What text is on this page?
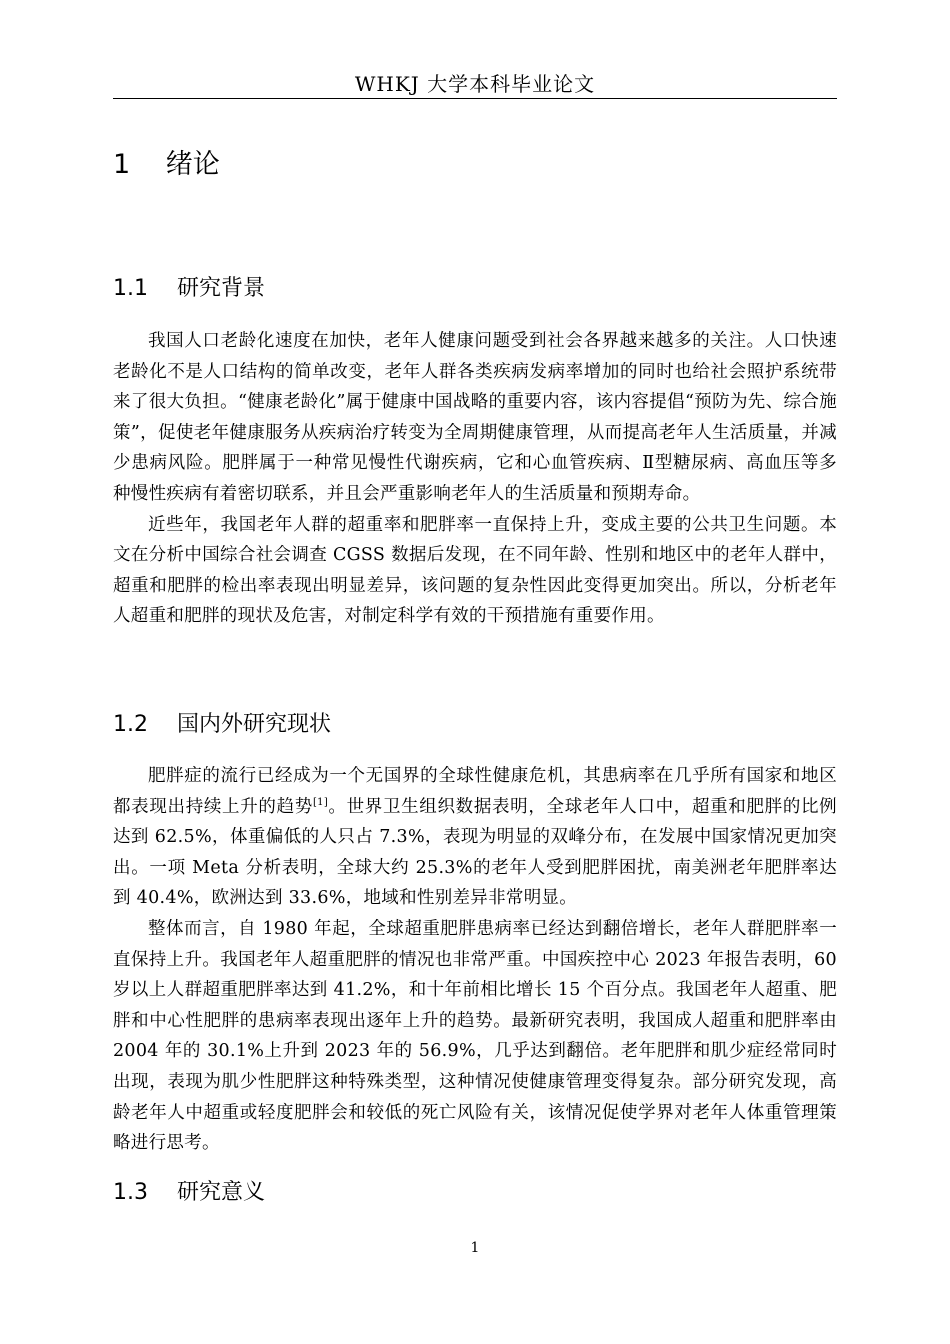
WHKJ 大学本科毕业论文
1　 绪论
1.1　 研究背景

我国人口老龄化速度在加快，老年人健康问题受到社会各界越来越多的关注。人口快速老龄化不是人口结构的简单改变，老年人群各类疾病发病率增加的同时也给社会照护系统带来了很大负担。“健康老龄化”属于健康中国战略的重要内容，该内容提倡“预防为先、综合施策”，促使老年健康服务从疾病治疗转变为全周期健康管理，从而提高老年人生活质量，并减少患病风险。肥胖属于一种常见慢性代谢疾病，它和心血管疾病、Ⅱ型糖尿病、高血压等多种慢性疾病有着密切联系，并且会严重影响老年人的生活质量和预期寿命。

近些年，我国老年人群的超重率和肥胖率一直保持上升，变成主要的公共卫生问题。本文在分析中国综合社会调查 CGSS 数据后发现，在不同年龄、性别和地区中的老年人群中，超重和肥胖的检出率表现出明显差异，该问题的复杂性因此变得更加突出。所以，分析老年人超重和肥胖的现状及危害，对制定科学有效的干预措施有重要作用。

1.2　 国内外研究现状

肥胖症的流行已经成为一个无国界的全球性健康危机，其患病率在几乎所有国家和地区都表现出持续上升的趋势[1]。世界卫生组织数据表明，全球老年人口中，超重和肥胖的比例达到 62.5%，体重偏低的人只占 7.3%，表现为明显的双峰分布，在发展中国家情况更加突出。一项 Meta 分析表明，全球大约 25.3%的老年人受到肥胖困扰，南美洲老年肥胖率达到 40.4%，欧洲达到 33.6%，地域和性别差异非常明显。

整体而言，自 1980 年起，全球超重肥胖患病率已经达到翻倍增长，老年人群肥胖率一直保持上升。我国老年人超重肥胖的情况也非常严重。中国疾控中心 2023 年报告表明，60 岁以上人群超重肥胖率达到 41.2%，和十年前相比增长 15 个百分点。我国老年人超重、肥胖和中心性肥胖的患病率表现出逐年上升的趋势。最新研究表明，我国成人超重和肥胖率由 2004 年的 30.1%上升到 2023 年的 56.9%，几乎达到翻倍。老年肥胖和肌少症经常同时出现，表现为肌少性肥胖这种特殊类型，这种情况使健康管理变得复杂。部分研究发现，高龄老年人中超重或轻度肥胖会和较低的死亡风险有关，该情况促使学界对老年人体重管理策略进行思考。

1.3　 研究意义
1
